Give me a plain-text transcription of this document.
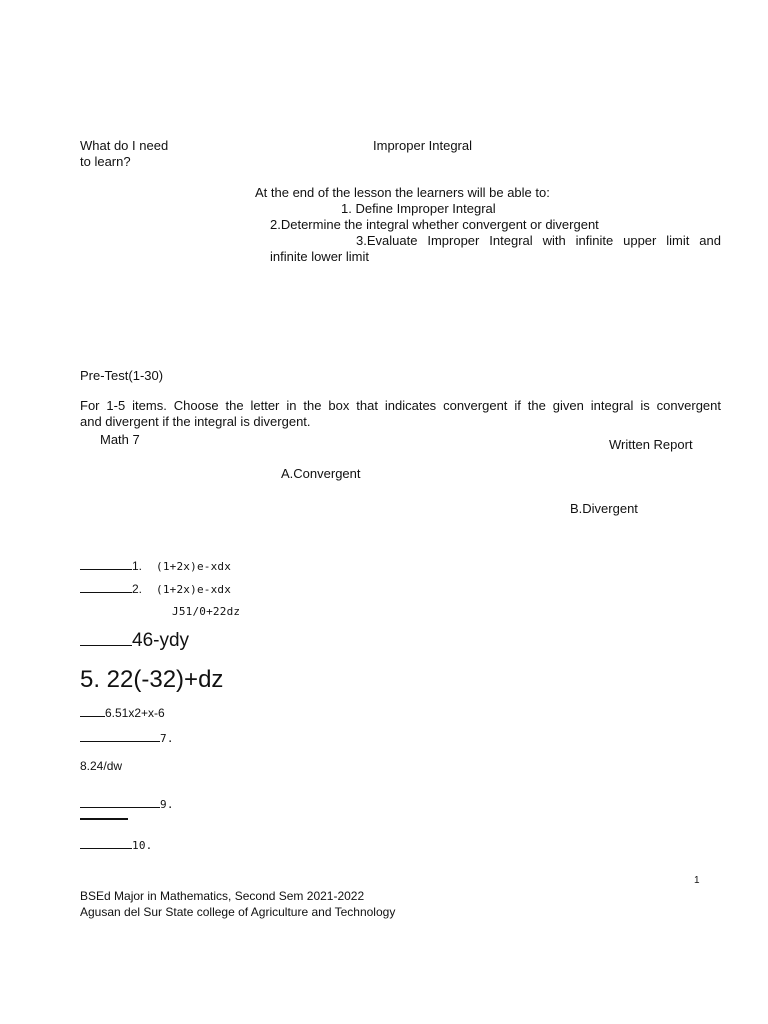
What do I need
to learn?
Improper Integral
At the end of the lesson the learners will be able to:
1. Define Improper Integral
2.Determine the integral whether convergent or divergent
3.Evaluate Improper Integral with infinite upper limit and
infinite lower limit
Pre-Test(1-30)
For 1-5 items. Choose the letter in the box that indicates convergent if the given integral is convergent
and divergent if the integral is divergent.
Math 7	Written Report
A.Convergent
B.Divergent
1. (1+2x)e-xdx
2. (1+2x)e-xdx
J51/0+22dz
46-ydy
5. 22(-32)+dz
6.51x2+x-6
7.
8.24/dw
9.
10.
1
BSEd Major in Mathematics, Second Sem 2021-2022
Agusan del Sur State college of Agriculture and Technology
